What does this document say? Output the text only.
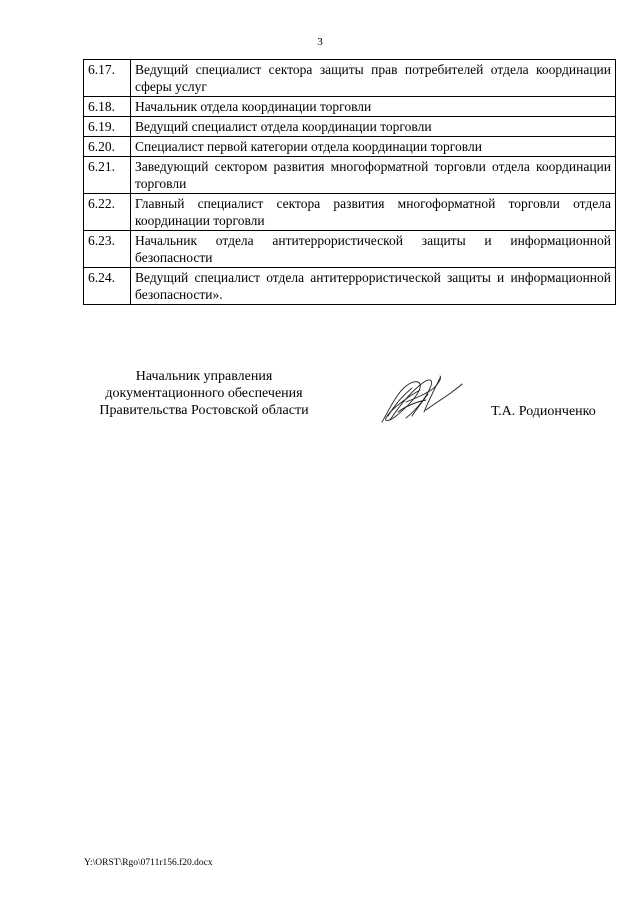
3
6.17.	Ведущий специалист сектора защиты прав потребителей отдела координации сферы услуг
6.18.	Начальник отдела координации торговли
6.19.	Ведущий специалист отдела координации торговли
6.20.	Специалист первой категории отдела координации торговли
6.21.	Заведующий сектором развития многоформатной торговли отдела координации торговли
6.22.	Главный специалист сектора развития многоформатной торговли отдела координации торговли
6.23.	Начальник отдела антитеррористической защиты и информационной безопасности
6.24.	Ведущий специалист отдела антитеррористической защиты и информационной безопасности».
Начальник управления
документационного обеспечения
Правительства Ростовской области	Т.А. Родионченко
Y:\ORST\Rgo\0711r156.f20.docx
